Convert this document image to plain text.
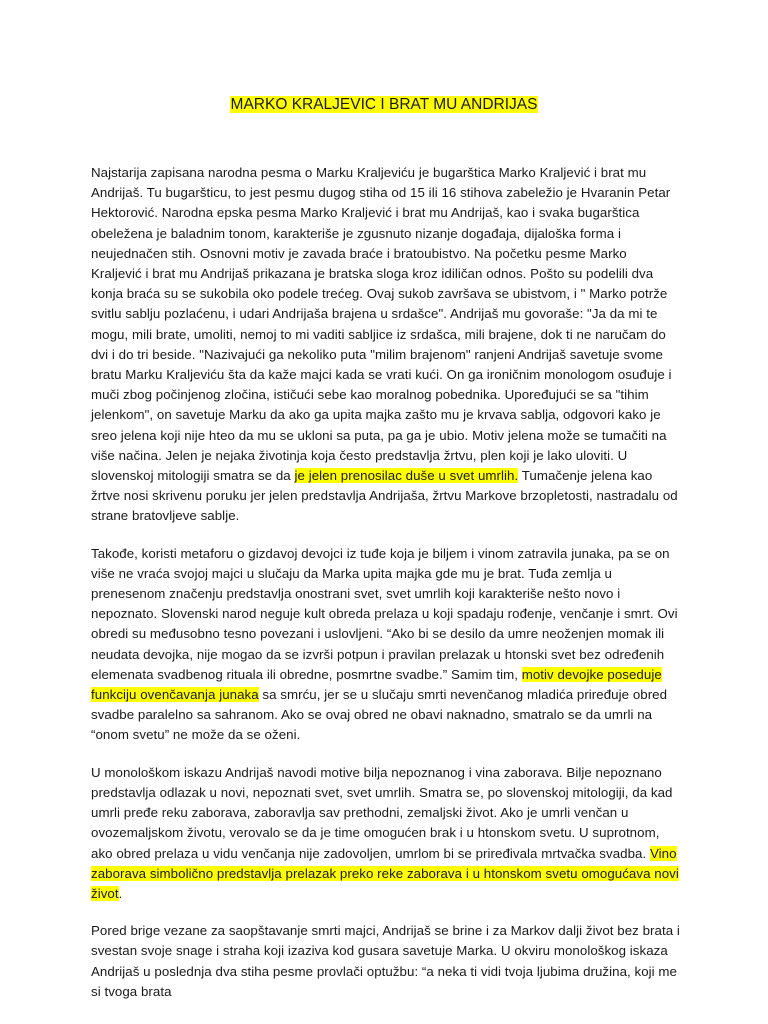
MARKO KRALJEVIC I BRAT MU ANDRIJAS

Najstarija zapisana narodna pesma o Marku Kraljeviću je bugarštica Marko Kraljević i brat mu Andrijaš. Tu bugaršticu, to jest pesmu dugog stiha od 15 ili 16 stihova zabeležio je Hvaranin Petar Hektorović. Narodna epska pesma Marko Kraljević i brat mu Andrijaš, kao i svaka bugarštica obeležena je baladnim tonom, karakteriše je zgusnuto nizanje događaja, dijaloška forma i neujednačen stih. Osnovni motiv je zavada braće i bratoubistvo. Na početku pesme Marko Kraljević i brat mu Andrijaš prikazana je bratska sloga kroz idiličan odnos. Pošto su podelili dva konja braća su se sukobila oko podele trećeg. Ovaj sukob završava se ubistvom, i " Marko potrže svitlu sablju pozlaćenu, i udari Andrijaša brajena u srdašce". Andrijaš mu govoraše: "Ja da mi te mogu, mili brate, umoliti, nemoj to mi vaditi sabljice iz srdašca, mili brajene, dok ti ne naručam do dvi i do tri beside. "Nazivajući ga nekoliko puta "milim brajenom" ranjeni Andrijaš savetuje svome bratu Marku Kraljeviću šta da kaže majci kada se vrati kući. On ga ironičnim monologom osuđuje i muči zbog počinjenog zločina, ističući sebe kao moralnog pobednika. Upoređujući se sa "tihim jelenkom", on savetuje Marku da ako ga upita majka zašto mu je krvava sablja, odgovori kako je sreo jelena koji nije hteo da mu se ukloni sa puta, pa ga je ubio. Motiv jelena može se tumačiti na više načina. Jelen je nejaka životinja koja često predstavlja žrtvu, plen koji je lako uloviti. U slovenskoj mitologiji smatra se da je jelen prenosilac duše u svet umrlih. Tumačenje jelena kao žrtve nosi skrivenu poruku jer jelen predstavlja Andrijaša, žrtvu Markove brzopletosti, nastradalu od strane bratovljeve sablje.

Takođe, koristi metaforu o gizdavoj devojci iz tuđe koja je biljem i vinom zatravila junaka, pa se on više ne vraća svojoj majci u slučaju da Marka upita majka gde mu je brat. Tuđa zemlja u prenesenom značenju predstavlja onostrani svet, svet umrlih koji karakteriše nešto novo i nepoznato. Slovenski narod neguje kult obreda prelaza u koji spadaju rođenje, venčanje i smrt. Ovi obredi su međusobno tesno povezani i uslovljeni. “Ako bi se desilo da umre neoženjen momak ili neudata devojka, nije mogao da se izvrši potpun i pravilan prelazak u htonski svet bez određenih elemenata svadbenog rituala ili obredne, posmrtne svadbe.” Samim tim, motiv devojke poseduje funkciju ovenčavanja junaka sa smrću, jer se u slučaju smrti nevenčanog mladića priređuje obred svadbe paralelno sa sahranom. Ako se ovaj obred ne obavi naknadno, smatralo se da umrli na “onom svetu” ne može da se oženi.

U monološkom iskazu Andrijaš navodi motive bilja nepoznanog i vina zaborava. Bilje nepoznano predstavlja odlazak u novi, nepoznati svet, svet umrlih. Smatra se, po slovenskoj mitologiji, da kad umrli pređe reku zaborava, zaboravlja sav prethodni, zemaljski život. Ako je umrli venčan u ovozemaljskom životu, verovalo se da je time omogućen brak i u htonskom svetu. U suprotnom, ako obred prelaza u vidu venčanja nije zadovoljen, umrlom bi se priređivala mrtvačka svadba. Vino zaborava simbolično predstavlja prelazak preko reke zaborava i u htonskom svetu omogućava novi život.

Pored brige vezane za saopštavanje smrti majci, Andrijaš se brine i za Markov dalji život bez brata i svestan svoje snage i straha koji izaziva kod gusara savetuje Marka. U okviru monološkog iskaza Andrijaš u poslednja dva stiha pesme provlači optužbu: “a neka ti vidi tvoja ljubima družina, koji me si tvoga brata
